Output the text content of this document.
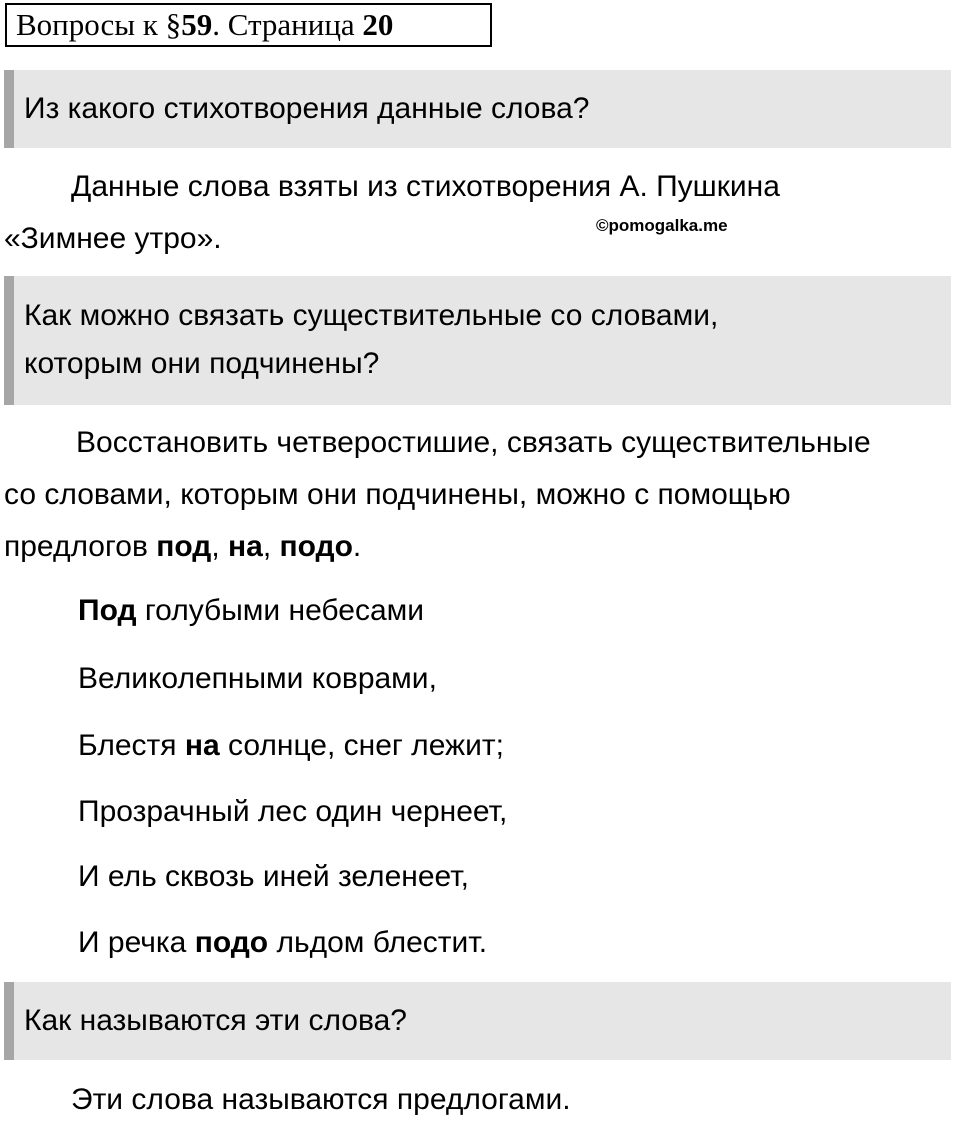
Вопросы к §59. Страница 20
Из какого стихотворения данные слова?
Данные слова взяты из стихотворения А. Пушкина
«Зимнее утро».	©pomogalka.me
Как можно связать существительные со словами,
которым они подчинены?
Восстановить четверостишие, связать существительные
со словами, которым они подчинены, можно с помощью
предлогов под, на, подо.
Под голубыми небесами
Великолепными коврами,
Блестя на солнце, снег лежит;
Прозрачный лес один чернеет,
И ель сквозь иней зеленеет,
И речка подо льдом блестит.
Как называются эти слова?
Эти слова называются предлогами.
